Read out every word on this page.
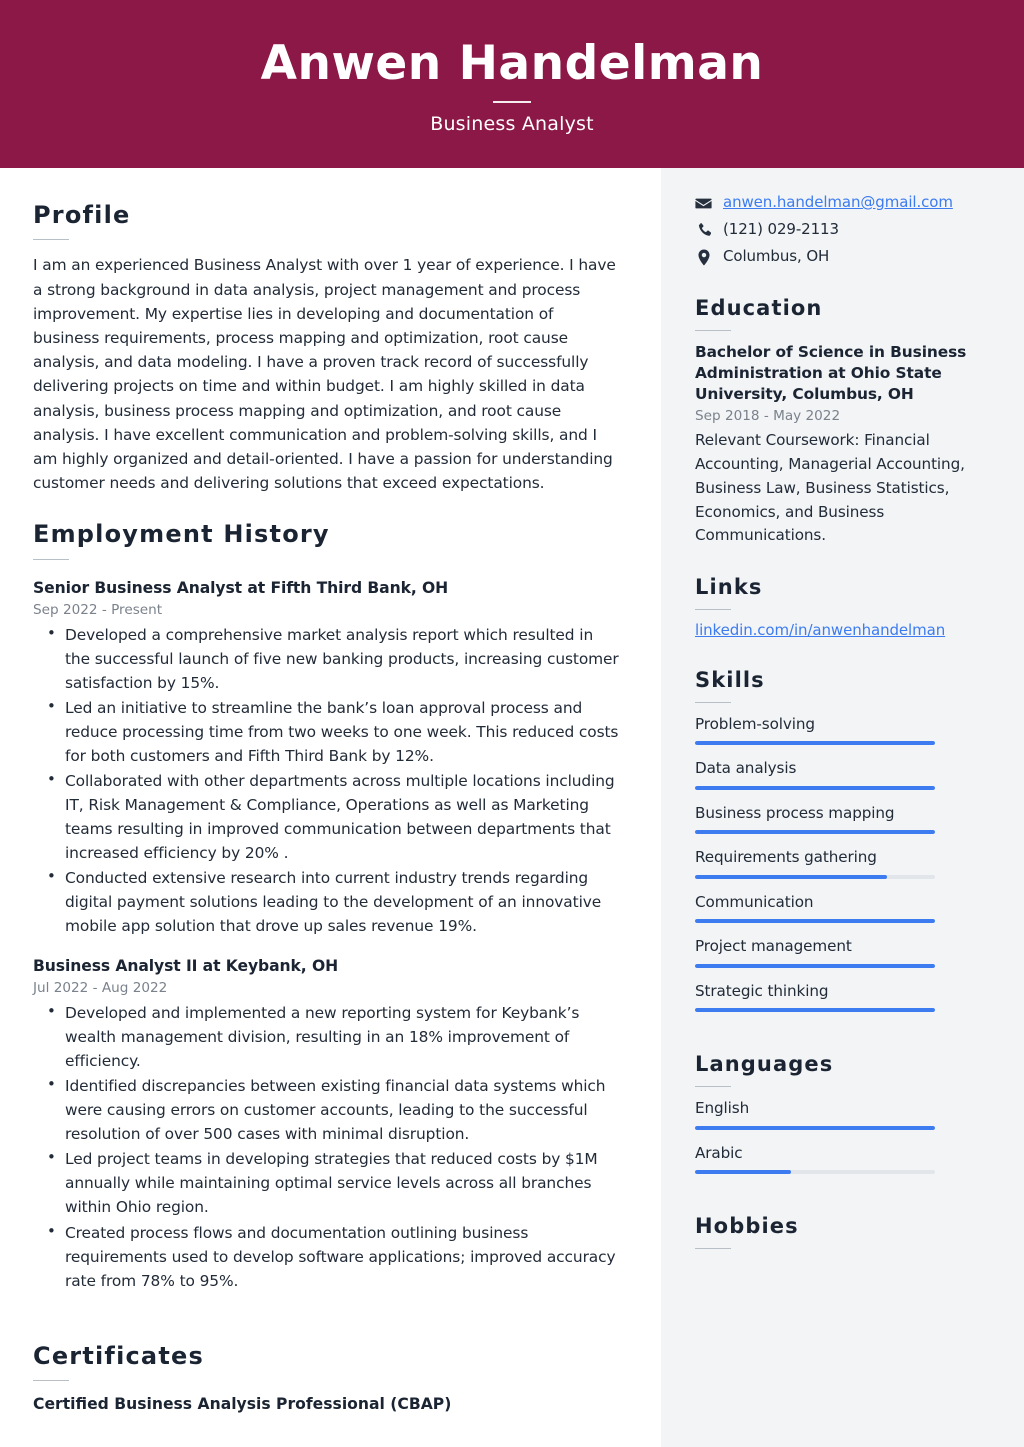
Anwen Handelman
Business Analyst
Profile
I am an experienced Business Analyst with over 1 year of experience. I have a strong background in data analysis, project management and process improvement. My expertise lies in developing and documentation of business requirements, process mapping and optimization, root cause analysis, and data modeling. I have a proven track record of successfully delivering projects on time and within budget. I am highly skilled in data analysis, business process mapping and optimization, and root cause analysis. I have excellent communication and problem-solving skills, and I am highly organized and detail-oriented. I have a passion for understanding customer needs and delivering solutions that exceed expectations.
Employment History
Senior Business Analyst at Fifth Third Bank, OH
Sep 2022 - Present
• Developed a comprehensive market analysis report which resulted in the successful launch of five new banking products, increasing customer satisfaction by 15%.
• Led an initiative to streamline the bank’s loan approval process and reduce processing time from two weeks to one week. This reduced costs for both customers and Fifth Third Bank by 12%.
• Collaborated with other departments across multiple locations including IT, Risk Management & Compliance, Operations as well as Marketing teams resulting in improved communication between departments that increased efficiency by 20% .
• Conducted extensive research into current industry trends regarding digital payment solutions leading to the development of an innovative mobile app solution that drove up sales revenue 19%.
Business Analyst II at Keybank, OH
Jul 2022 - Aug 2022
• Developed and implemented a new reporting system for Keybank’s wealth management division, resulting in an 18% improvement of efficiency.
• Identified discrepancies between existing financial data systems which were causing errors on customer accounts, leading to the successful resolution of over 500 cases with minimal disruption.
• Led project teams in developing strategies that reduced costs by $1M annually while maintaining optimal service levels across all branches within Ohio region.
• Created process flows and documentation outlining business requirements used to develop software applications; improved accuracy rate from 78% to 95%.
Certificates
Certified Business Analysis Professional (CBAP)
anwen.handelman@gmail.com
(121) 029-2113
Columbus, OH
Education
Bachelor of Science in Business Administration at Ohio State University, Columbus, OH
Sep 2018 - May 2022
Relevant Coursework: Financial Accounting, Managerial Accounting, Business Law, Business Statistics, Economics, and Business Communications.
Links
linkedin.com/in/anwenhandelman
Skills
Problem-solving
Data analysis
Business process mapping
Requirements gathering
Communication
Project management
Strategic thinking
Languages
English
Arabic
Hobbies
